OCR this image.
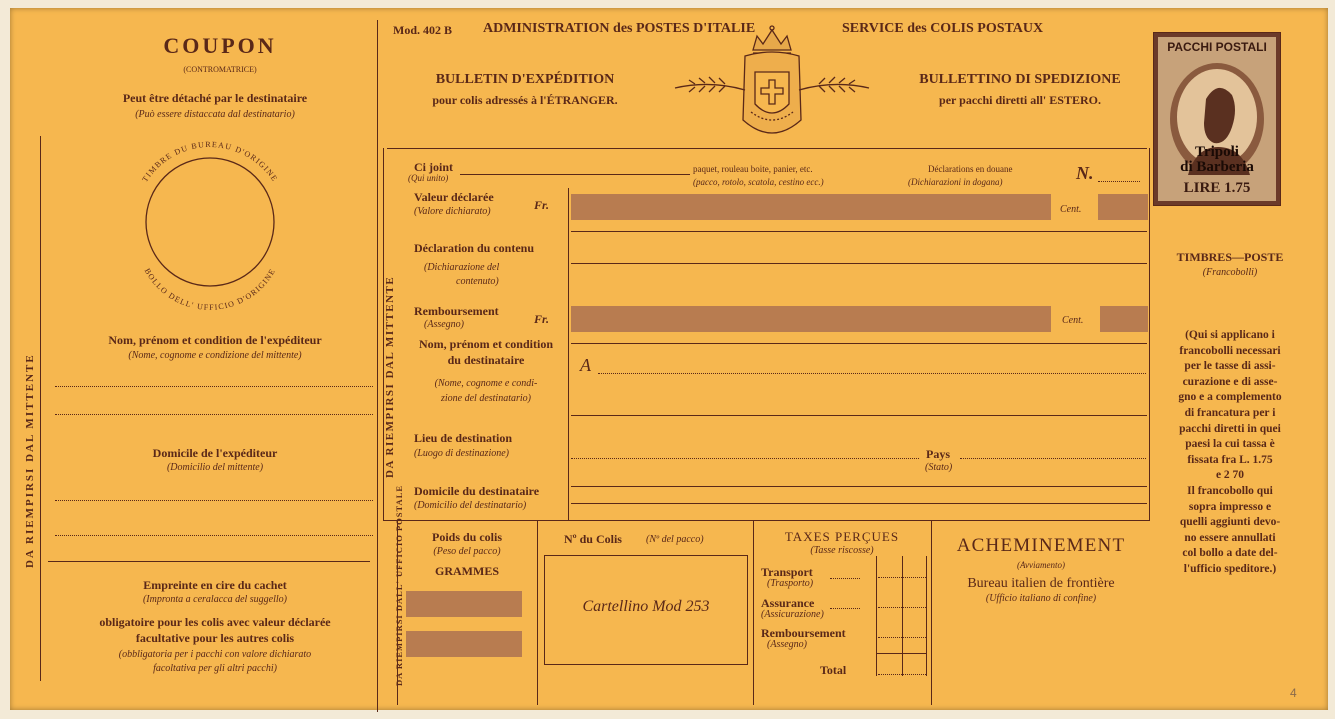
COUPON
(CONTROMATRICE)
Peut être détaché par le destinataire
(Può essere distaccata dal destinatario)
TIMBRE DU BUREAU D'ORIGINE
BOLLO DELL' UFFICIO D'ORIGINE
Nom, prénom et condition de l'expéditeur
(Nome, cognome e condizione del mittente)
Domicile de l'expéditeur
(Domicilio del mittente)
Empreinte en cire du cachet
(Impronta a ceralacca del suggello)
obligatoire pour les colis avec valeur déclarée
facultative pour les autres colis
(obbligatoria per i pacchi con valore dichiarato
facoltativa per gli altri pacchi)
DA RIEMPIRSI DAL MITTENTE
Mod. 402 B ADMINISTRATION des POSTES D'ITALIE	SERVICE des COLIS POSTAUX
BULLETIN D'EXPÉDITION
pour colis adressés à l'ÉTRANGER.
BULLETTINO DI SPEDIZIONE
per pacchi diretti all' ESTERO.
PACCHI POSTALI
Tripoli
di Barberia
LIRE 1.75
DA RIEMPIRSI DAL MITTENTE
Ci joint
(Qui unito)
paquet, rouleau boite, panier, etc.
(pacco, rotolo, scatola, cestino ecc.)
Déclarations en douane
(Dichiarazioni in dogana)	N.
Valeur déclarée
(Valore dichiarato)	Fr.	Cent.
Déclaration du contenu
(Dichiarazione del
contenuto)
Remboursement
(Assegno)	Fr.	Cent.
Nom, prénom et condition
du destinataire
(Nome, cognome e condi-
zione del destinatario)
A
Lieu de destination
(Luogo di destinazione)	Pays
(Stato)
Domicile du destinataire
(Domicilio del destinatario)
TIMBRES—POSTE
(Francobolli)
(Qui si applicano i
francobolli necessari
per le tasse di assi-
curazione e di asse-
gno e a complemento
di francatura per i
pacchi diretti in quei
paesi la cui tassa è
fissata fra L. 1.75
e 2 70
Il francobollo qui
sopra impresso e
quelli aggiunti devo-
no essere annullati
col bollo a date del-
l'ufficio speditore.)
DA RIEMPIRSI DALL' UFFICIO POSTALE	Poids du colis
(Peso del pacco)
GRAMMES
Nº du Colis (Nº del pacco)
Cartellino Mod 253
TAXES PERÇUES
(Tasse riscosse)
Transport
(Trasporto)
Assurance
(Assicurazione)
Remboursement
(Assegno)
Total
ACHEMINEMENT
(Avviamento)
Bureau italien de frontière
(Ufficio italiano di confine)
4
